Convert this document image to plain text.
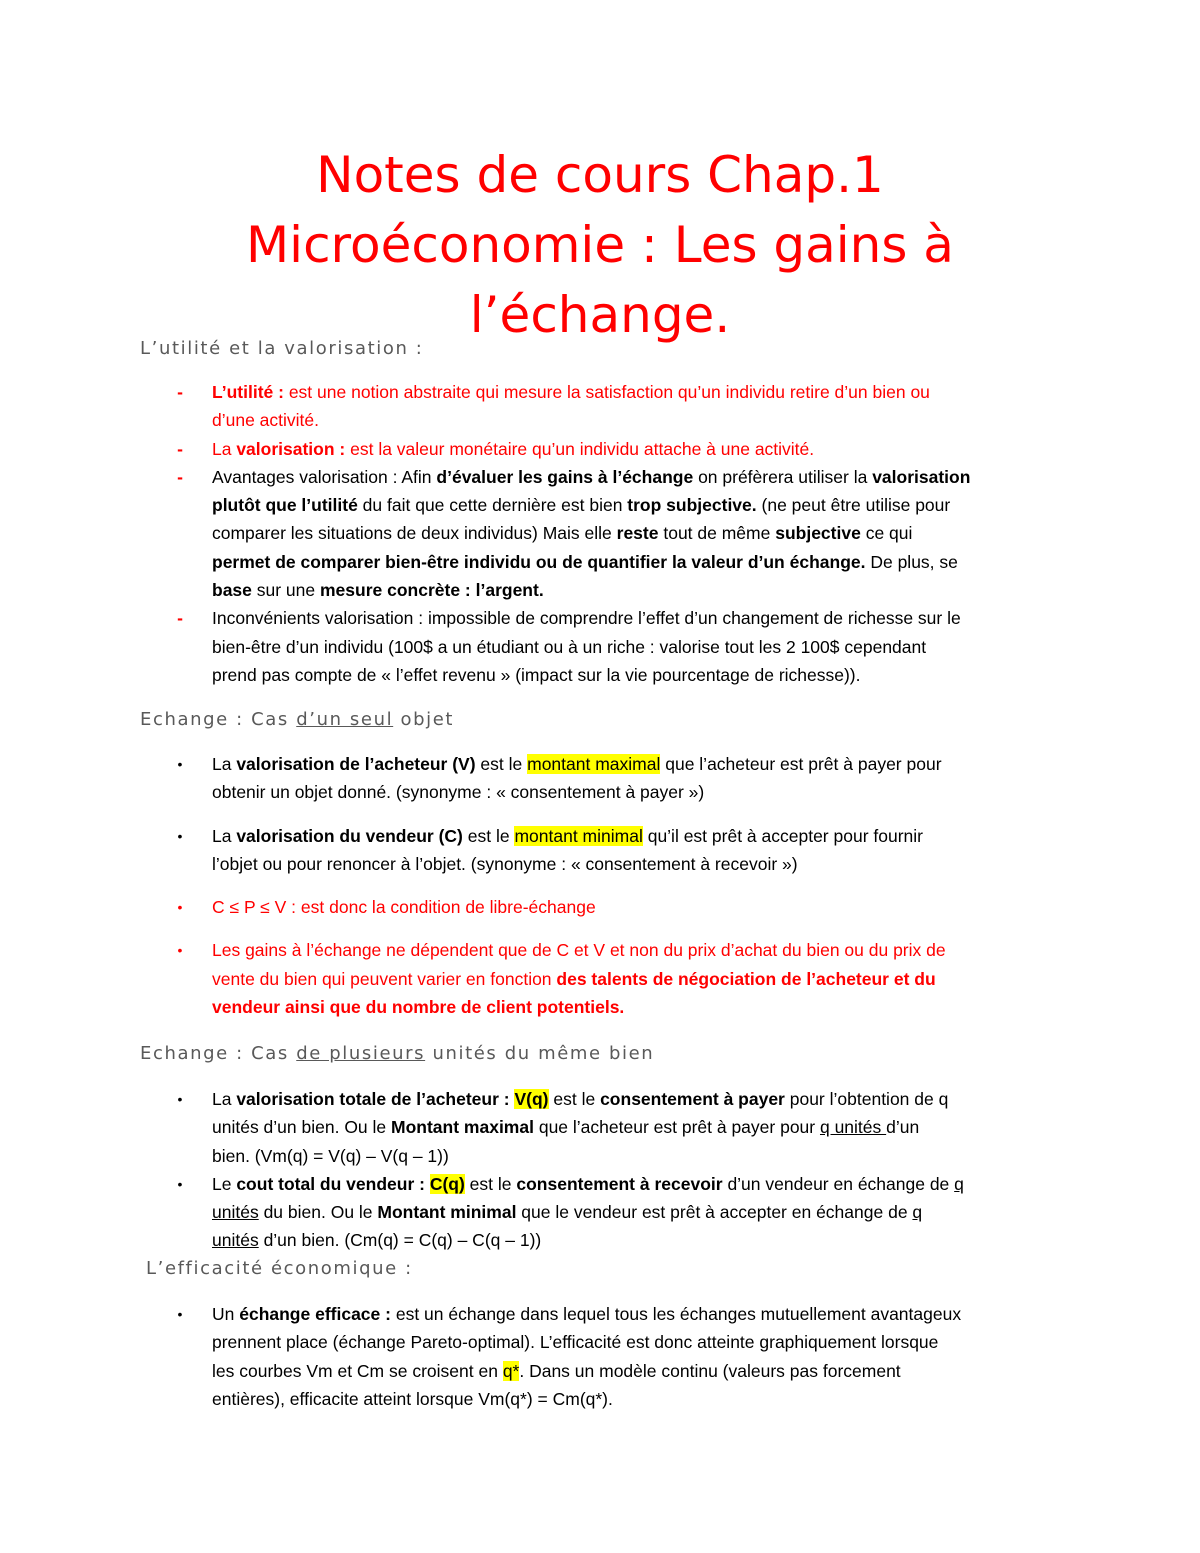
Notes de cours Chap.1
Microéconomie : Les gains à
l’échange.
L’utilité et la valorisation :
-	L’utilité : est une notion abstraite qui mesure la satisfaction qu’un individu retire d’un bien ou
d’une activité.
-	La valorisation : est la valeur monétaire qu’un individu attache à une activité.
-	Avantages valorisation : Afin d’évaluer les gains à l’échange on préfèrera utiliser la valorisation
plutôt que l’utilité du fait que cette dernière est bien trop subjective. (ne peut être utilise pour
comparer les situations de deux individus) Mais elle reste tout de même subjective ce qui
permet de comparer bien-être individu ou de quantifier la valeur d’un échange. De plus, se
base sur une mesure concrète : l’argent.
-	Inconvénients valorisation : impossible de comprendre l’effet d’un changement de richesse sur le
bien-être d’un individu (100$ a un étudiant ou à un riche : valorise tout les 2 100$ cependant
prend pas compte de « l’effet revenu » (impact sur la vie pourcentage de richesse)).
Echange : Cas d’un seul objet
•	La valorisation de l’acheteur (V) est le montant maximal que l’acheteur est prêt à payer pour
obtenir un objet donné. (synonyme : « consentement à payer »)
•	La valorisation du vendeur (C) est le montant minimal qu’il est prêt à accepter pour fournir
l’objet ou pour renoncer à l’objet. (synonyme : « consentement à recevoir »)
•	C ≤ P ≤ V : est donc la condition de libre-échange
•	Les gains à l’échange ne dépendent que de C et V et non du prix d’achat du bien ou du prix de
vente du bien qui peuvent varier en fonction des talents de négociation de l’acheteur et du
vendeur ainsi que du nombre de client potentiels.
Echange : Cas de plusieurs unités du même bien
•	La valorisation totale de l’acheteur : V(q) est le consentement à payer pour l’obtention de q
unités d’un bien. Ou le Montant maximal que l’acheteur est prêt à payer pour q unités d’un
bien. (Vm(q) = V(q) – V(q – 1))
•	Le cout total du vendeur : C(q) est le consentement à recevoir d’un vendeur en échange de q
unités du bien. Ou le Montant minimal que le vendeur est prêt à accepter en échange de q
unités d’un bien. (Cm(q) = C(q) – C(q – 1))
L’efficacité économique :
•	Un échange efficace : est un échange dans lequel tous les échanges mutuellement avantageux
prennent place (échange Pareto-optimal). L’efficacité est donc atteinte graphiquement lorsque
les courbes Vm et Cm se croisent en q*. Dans un modèle continu (valeurs pas forcement
entières), efficacite atteint lorsque Vm(q*) = Cm(q*).
